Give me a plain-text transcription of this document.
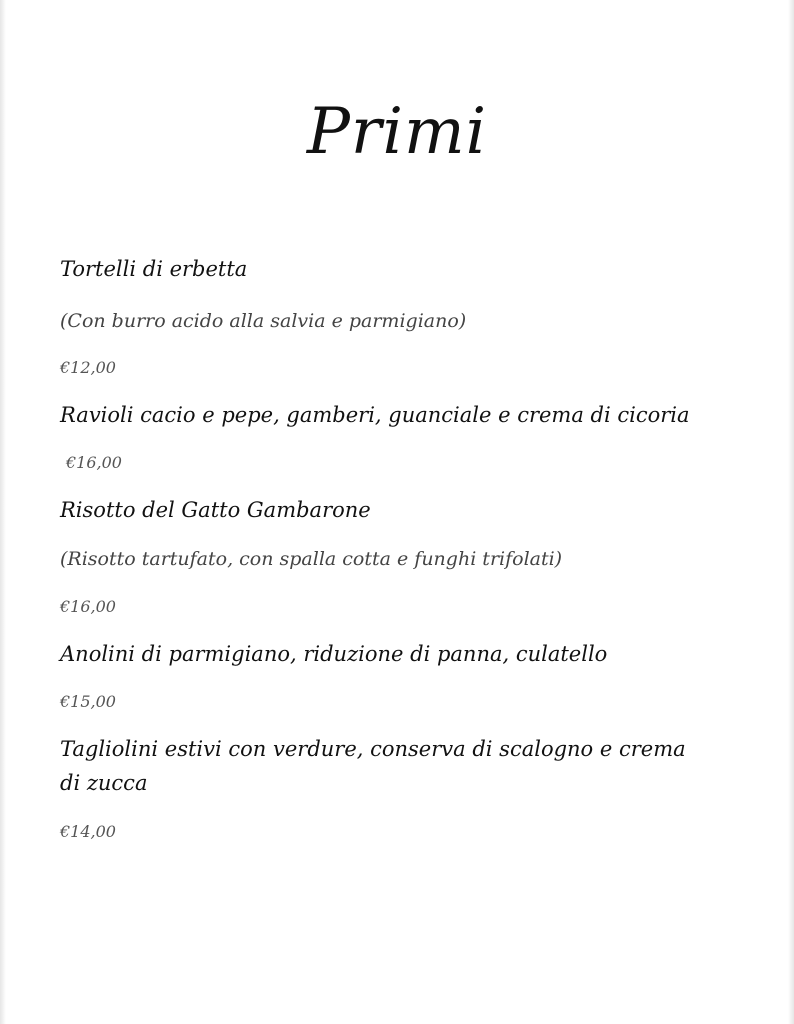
Primi
Tortelli di erbetta
(Con burro acido alla salvia e parmigiano)
€12,00
Ravioli cacio e pepe, gamberi, guanciale e crema di cicoria
€16,00
Risotto del Gatto Gambarone
(Risotto tartufato, con spalla cotta e funghi trifolati)
€16,00
Anolini di parmigiano, riduzione di panna, culatello
€15,00
Tagliolini estivi con verdure, conserva di scalogno e crema di zucca
€14,00
